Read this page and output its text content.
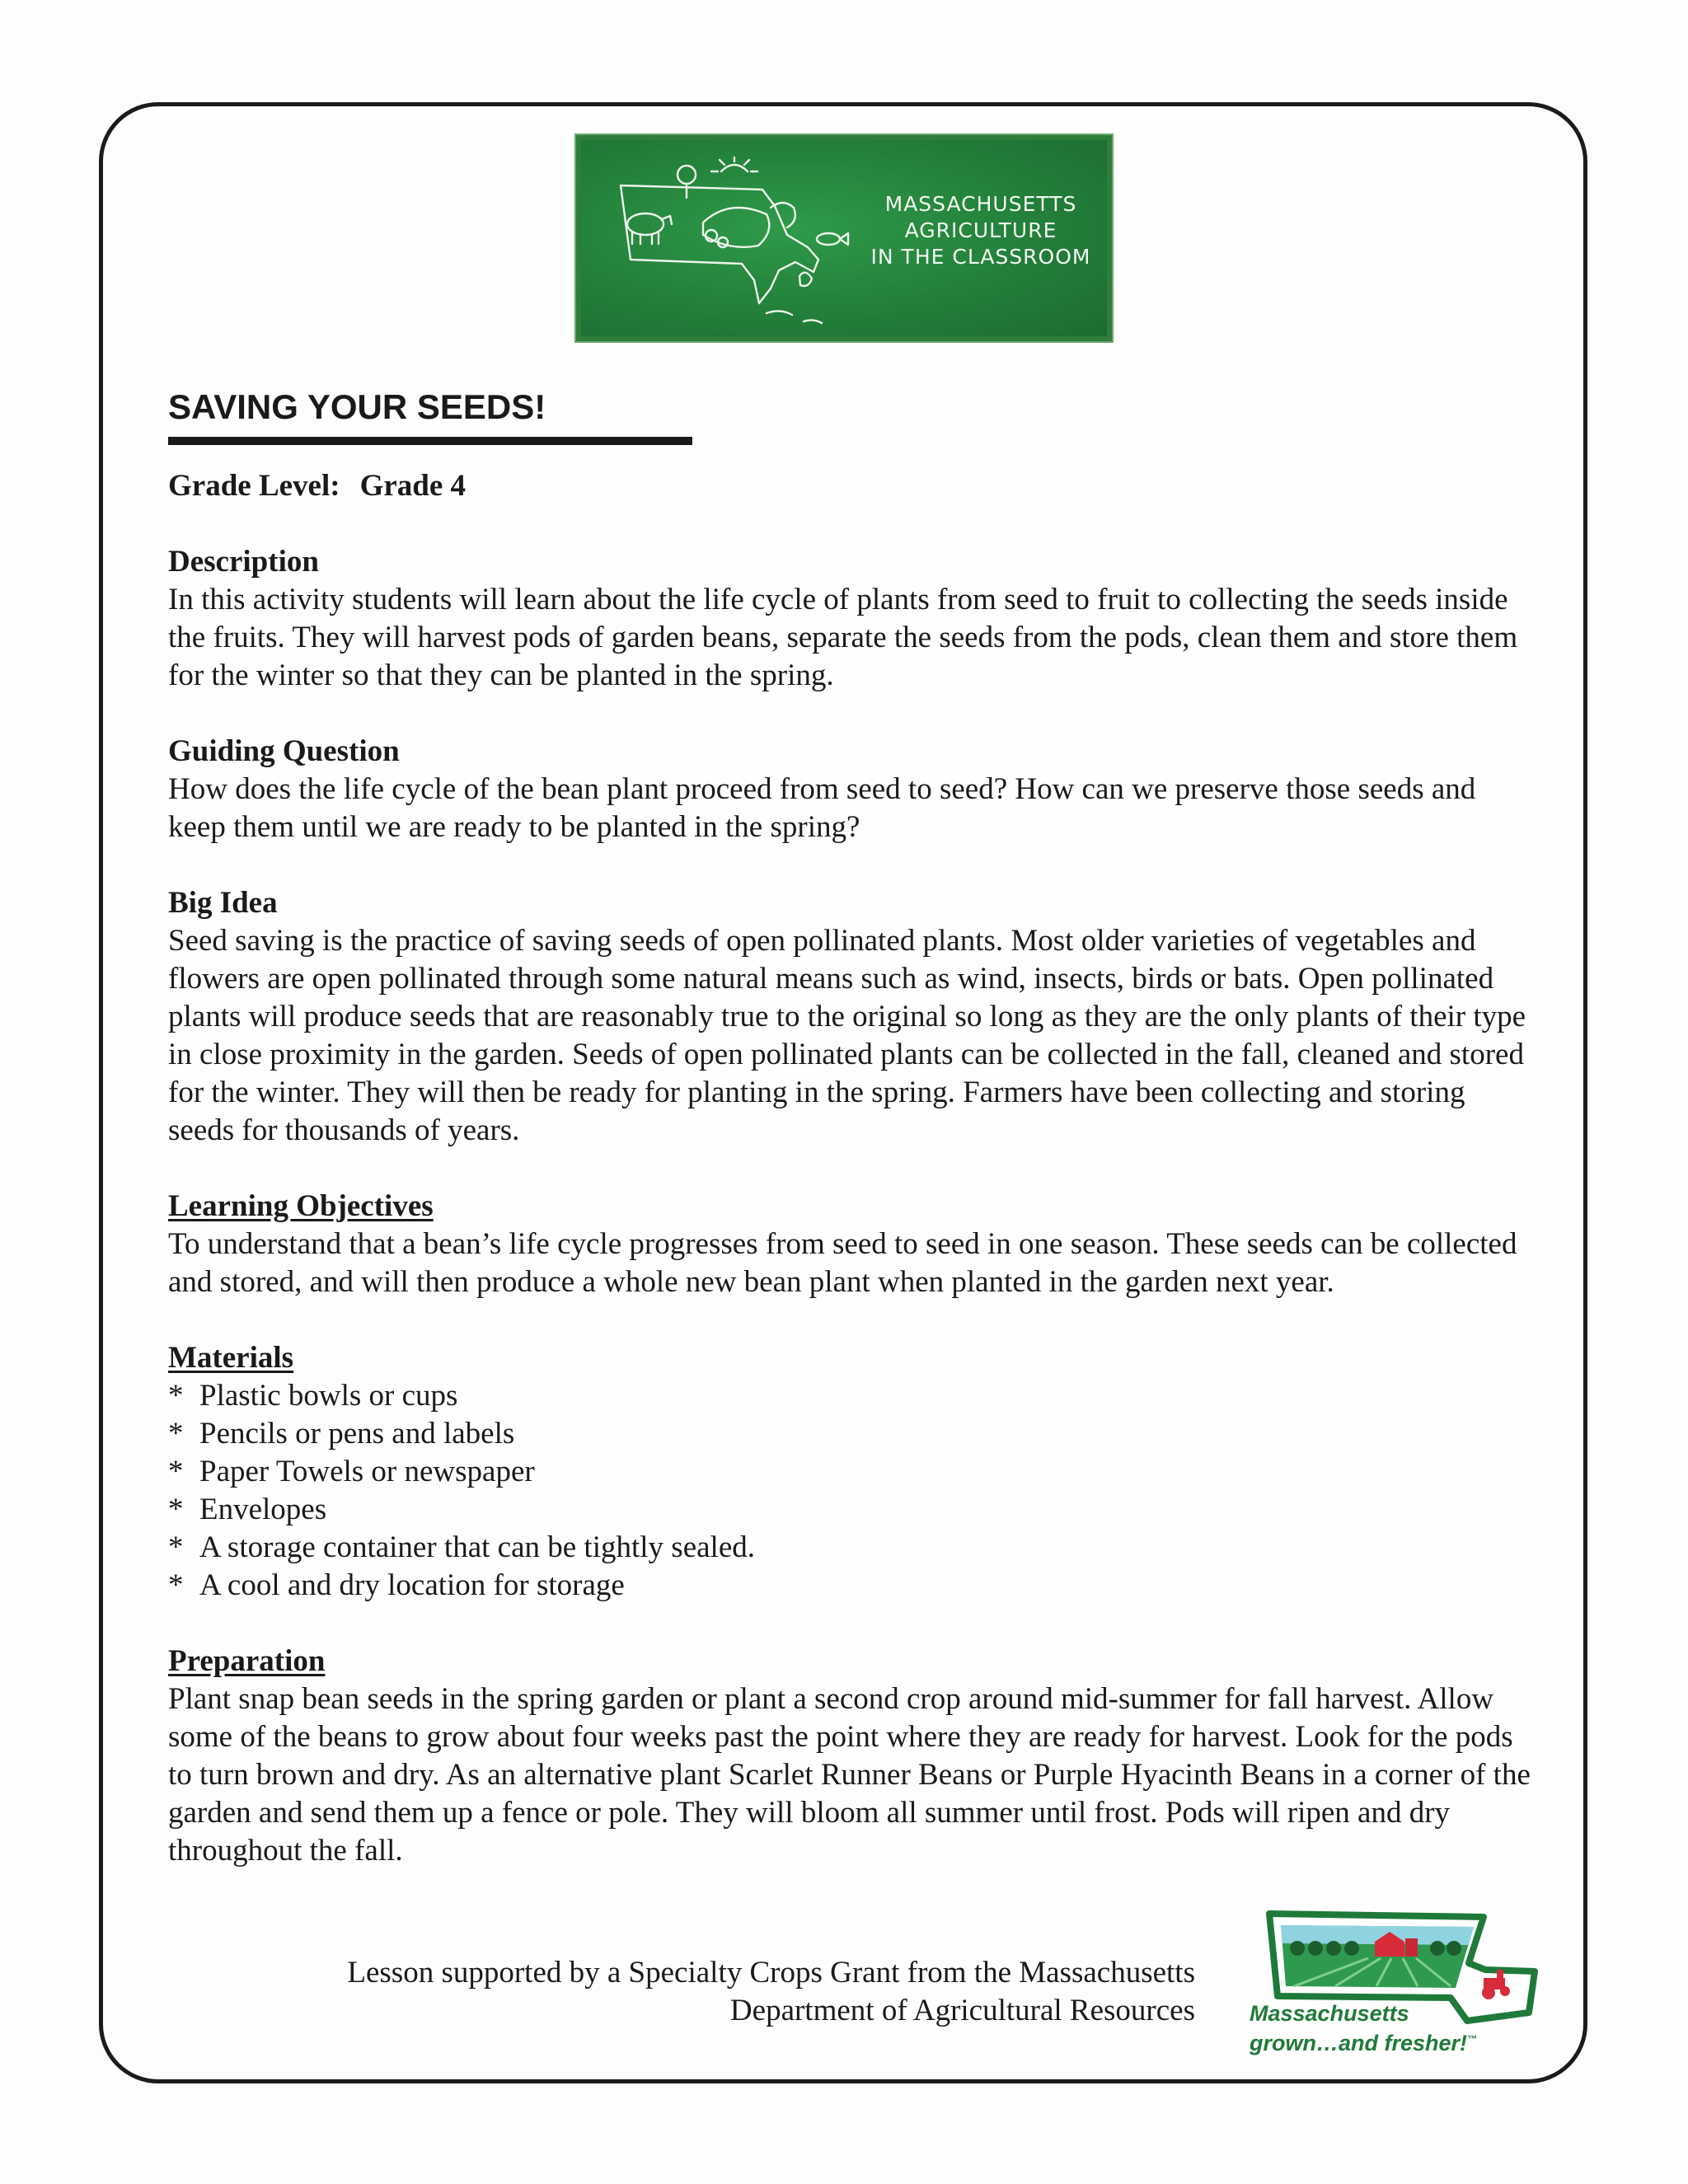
MASSACHUSETTS
AGRICULTURE
IN THE CLASSROOM
SAVING YOUR SEEDS!
Grade Level: Grade 4
Description

In this activity students will learn about the life cycle of plants from seed to fruit to collecting the seeds inside the fruits. They will harvest pods of garden beans, separate the seeds from the pods, clean them and store them for the winter so that they can be planted in the spring.

Guiding Question

How does the life cycle of the bean plant proceed from seed to seed? How can we preserve those seeds and keep them until we are ready to be planted in the spring?

Big Idea

Seed saving is the practice of saving seeds of open pollinated plants. Most older varieties of vegetables and flowers are open pollinated through some natural means such as wind, insects, birds or bats. Open pollinated plants will produce seeds that are reasonably true to the original so long as they are the only plants of their type in close proximity in the garden. Seeds of open pollinated plants can be collected in the fall, cleaned and stored for the winter. They will then be ready for planting in the spring. Farmers have been collecting and storing seeds for thousands of years.

Learning Objectives

To understand that a bean’s life cycle progresses from seed to seed in one season. These seeds can be collected and stored, and will then produce a whole new bean plant when planted in the garden next year.

Materials
* Plastic bowls or cups
* Pencils or pens and labels
* Paper Towels or newspaper
* Envelopes
* A storage container that can be tightly sealed.
* A cool and dry location for storage
Preparation

Plant snap bean seeds in the spring garden or plant a second crop around mid-summer for fall harvest. Allow some of the beans to grow about four weeks past the point where they are ready for harvest. Look for the pods to turn brown and dry. As an alternative plant Scarlet Runner Beans or Purple Hyacinth Beans in a corner of the garden and send them up a fence or pole. They will bloom all summer until frost. Pods will ripen and dry throughout the fall.

Lesson supported by a Specialty Crops Grant from the Massachusetts
Department of Agricultural Resources Massachusetts
grown…and fresher!™
